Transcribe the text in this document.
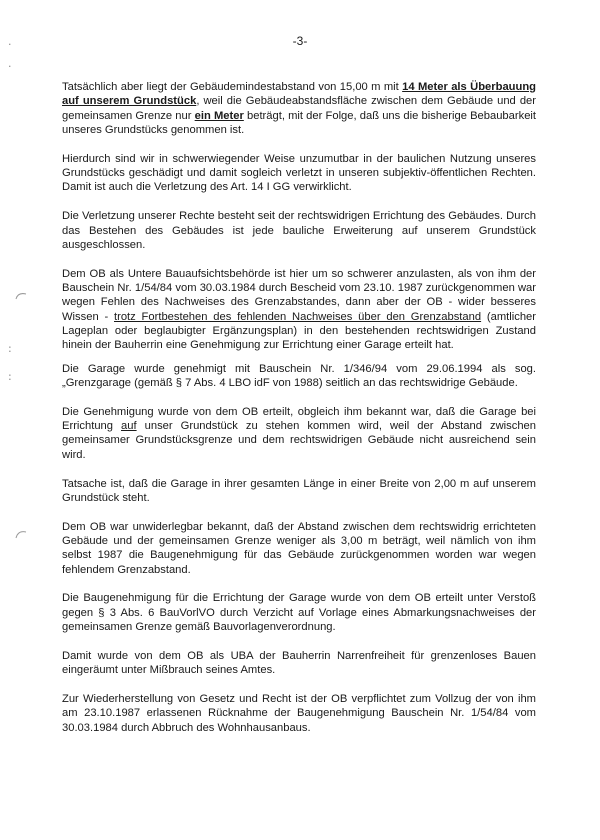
-3-
·
·
:
:

Tatsächlich aber liegt der Gebäudemindestabstand von 15,00 m mit 14 Meter als Überbauung auf unserem Grundstück, weil die Gebäudeabstandsfläche zwischen dem Gebäude und der gemeinsamen Grenze nur ein Meter beträgt, mit der Folge, daß uns die bisherige Bebaubarkeit unseres Grundstücks genommen ist.

Hierdurch sind wir in schwerwiegender Weise unzumutbar in der baulichen Nutzung unseres Grundstücks geschädigt und damit sogleich verletzt in unseren subjektiv-öffentlichen Rechten. Damit ist auch die Verletzung des Art. 14 I GG verwirklicht.

Die Verletzung unserer Rechte besteht seit der rechtswidrigen Errichtung des Gebäudes. Durch das Bestehen des Gebäudes ist jede bauliche Erweiterung auf unserem Grundstück ausgeschlossen.

Dem OB als Untere Bauaufsichtsbehörde ist hier um so schwerer anzulasten, als von ihm der Bauschein Nr. 1/54/84 vom 30.03.1984 durch Bescheid vom 23.10. 1987 zurückgenommen war wegen Fehlen des Nachweises des Grenzabstandes, dann aber der OB - wider besseres Wissen - trotz Fortbestehen des fehlenden Nachweises über den Grenzabstand (amtlicher Lageplan oder beglaubigter Ergänzungsplan) in den bestehenden rechtswidrigen Zustand hinein der Bauherrin eine Genehmigung zur Errichtung einer Garage erteilt hat.

Die Garage wurde genehmigt mit Bauschein Nr. 1/346/94 vom 29.06.1994 als sog. „Grenzgarage (gemäß § 7 Abs. 4 LBO idF von 1988) seitlich an das rechtswidrige Gebäude.

Die Genehmigung wurde von dem OB erteilt, obgleich ihm bekannt war, daß die Garage bei Errichtung auf unser Grundstück zu stehen kommen wird, weil der Abstand zwischen gemeinsamer Grundstücksgrenze und dem rechtswidrigen Gebäude nicht ausreichend sein wird.

Tatsache ist, daß die Garage in ihrer gesamten Länge in einer Breite von 2,00 m auf unserem Grundstück steht.

Dem OB war unwiderlegbar bekannt, daß der Abstand zwischen dem rechtswidrig errichteten Gebäude und der gemeinsamen Grenze weniger als 3,00 m beträgt, weil nämlich von ihm selbst 1987 die Baugenehmigung für das Gebäude zurückgenommen worden war wegen fehlendem Grenzabstand.

Die Baugenehmigung für die Errichtung der Garage wurde von dem OB erteilt unter Verstoß gegen § 3 Abs. 6 BauVorlVO durch Verzicht auf Vorlage eines Abmarkungsnachweises der gemeinsamen Grenze gemäß Bauvorlagenverordnung.

Damit wurde von dem OB als UBA der Bauherrin Narrenfreiheit für grenzenloses Bauen eingeräumt unter Mißbrauch seines Amtes.

Zur Wiederherstellung von Gesetz und Recht ist der OB verpflichtet zum Vollzug der von ihm am 23.10.1987 erlassenen Rücknahme der Baugenehmigung Bauschein Nr. 1/54/84 vom 30.03.1984 durch Abbruch des Wohnhausanbaus.
